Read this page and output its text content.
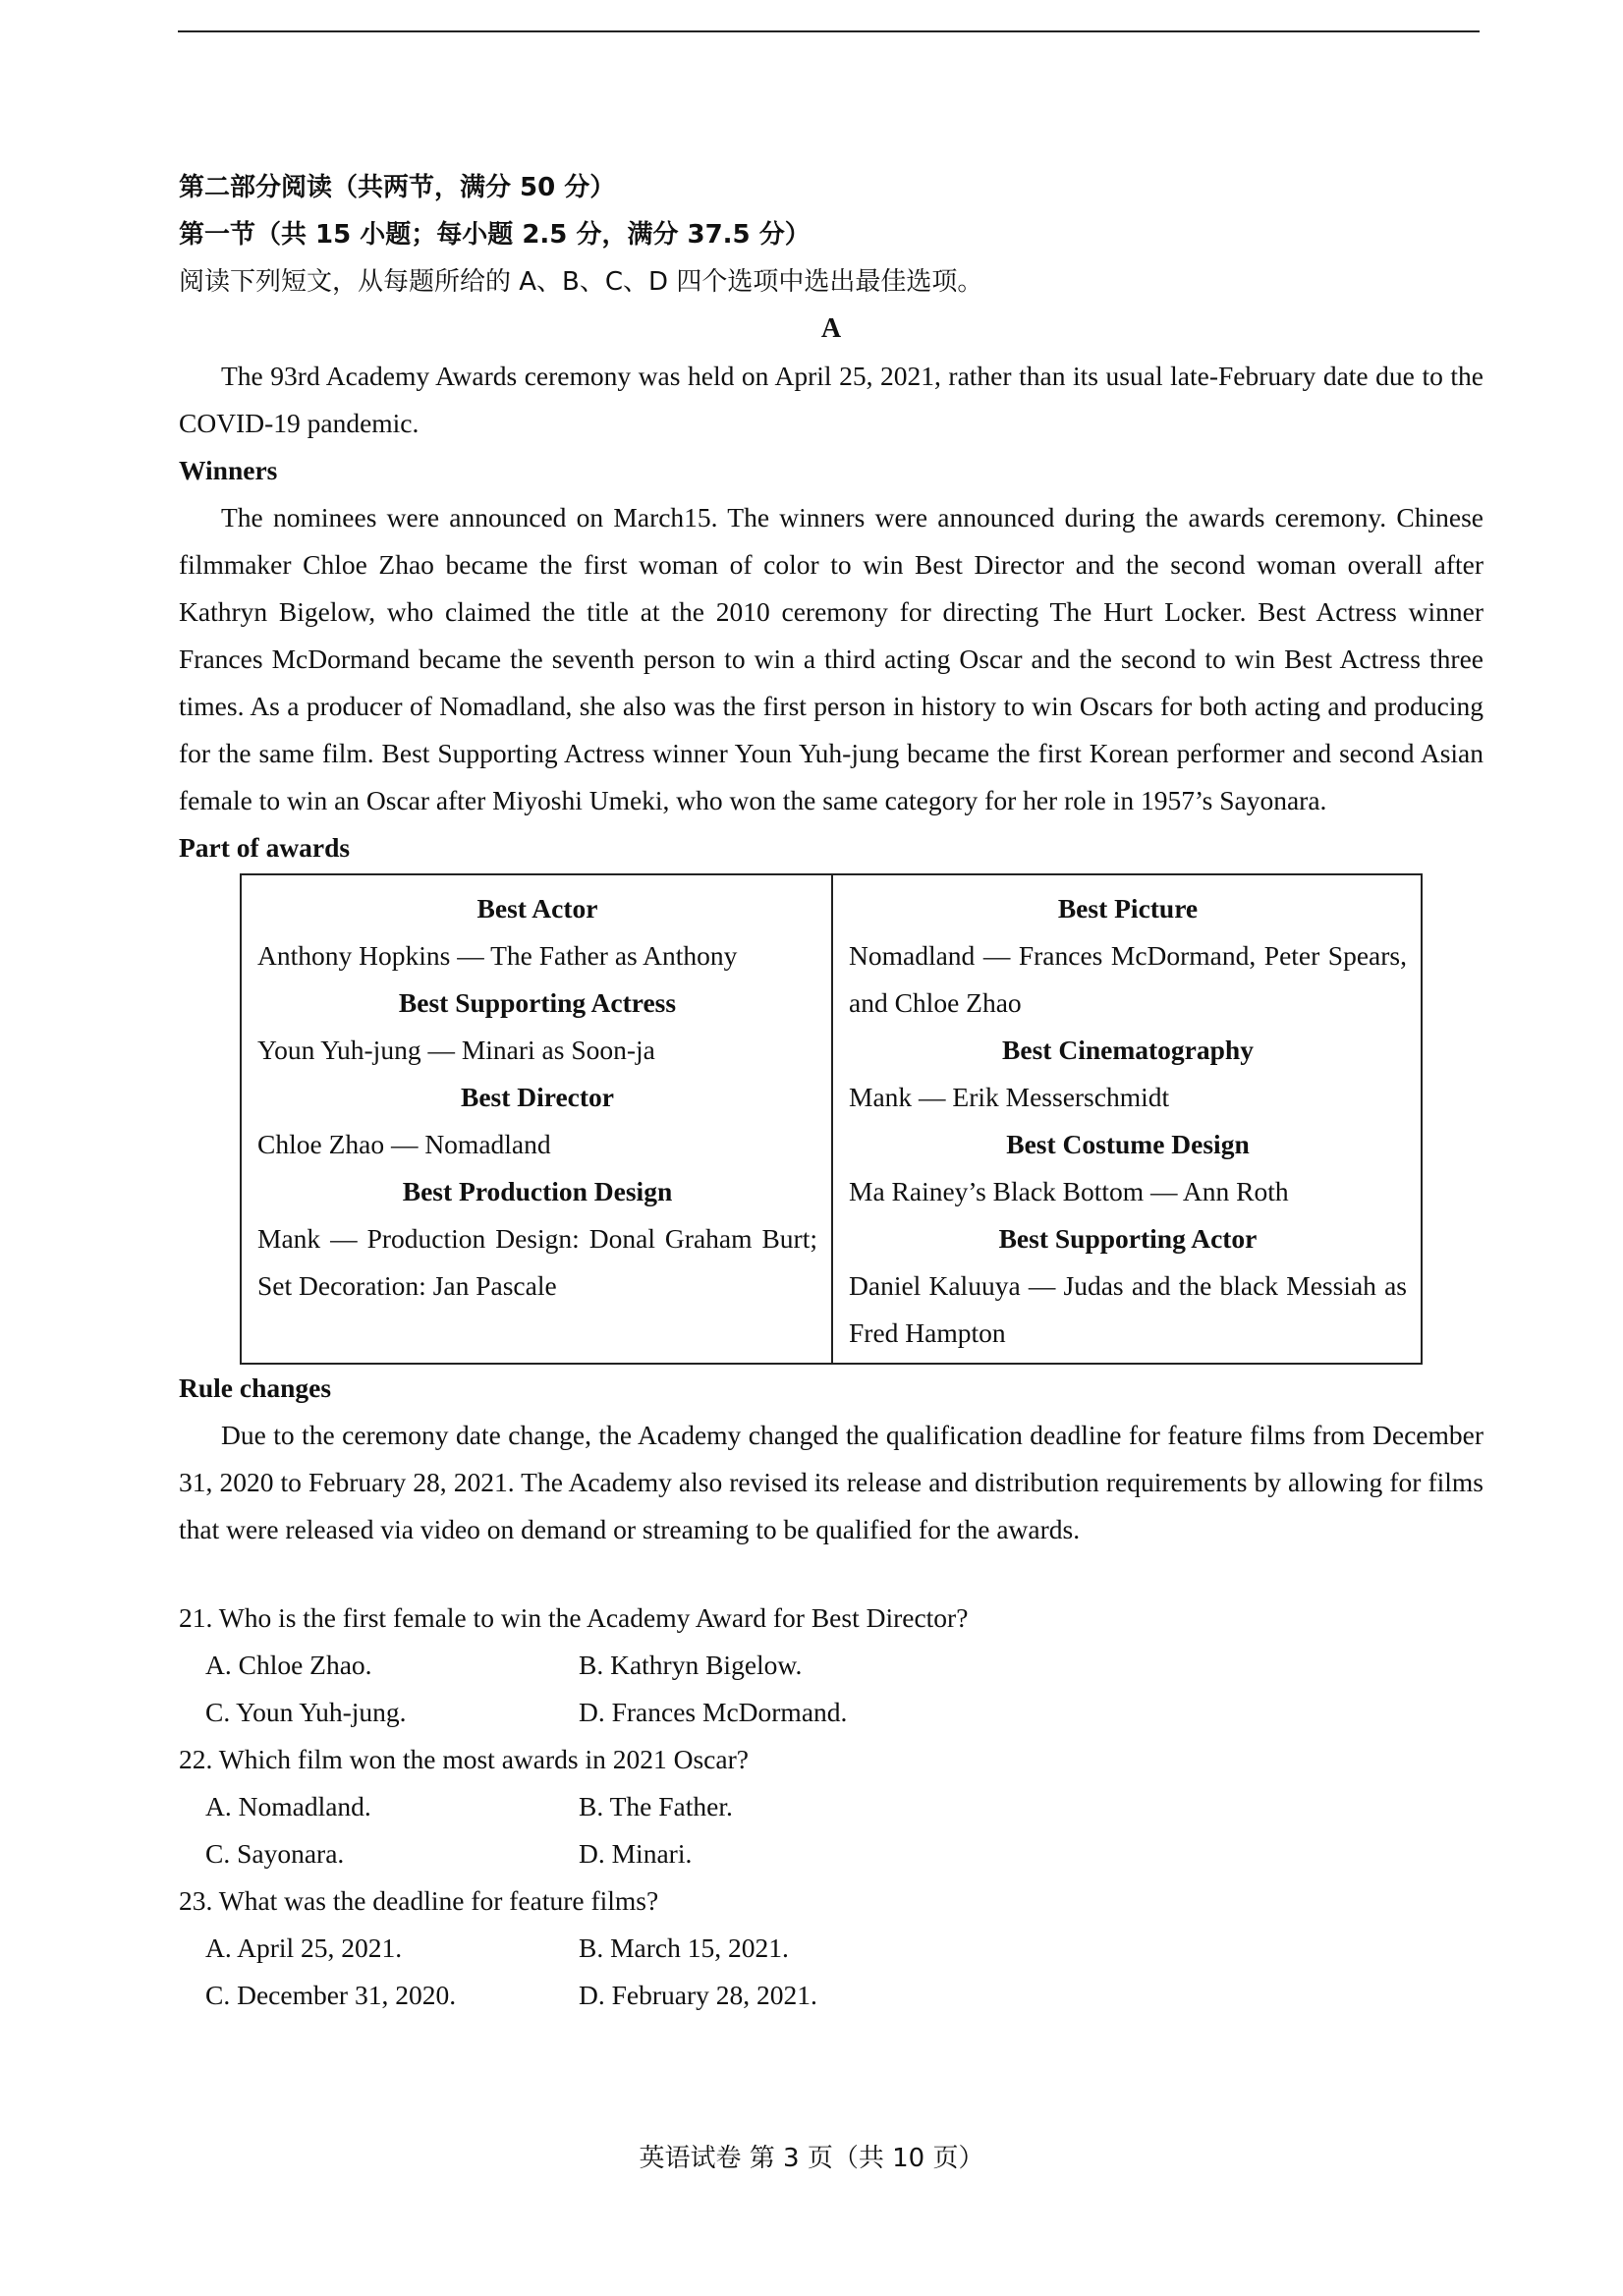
第二部分阅读（共两节，满分 50 分）
第一节（共 15 小题；每小题 2.5 分，满分 37.5 分）
阅读下列短文，从每题所给的 A、B、C、D 四个选项中选出最佳选项。
A

The 93rd Academy Awards ceremony was held on April 25, 2021, rather than its usual late-February date due to the COVID-19 pandemic.

Winners

The nominees were announced on March15. The winners were announced during the awards ceremony. Chinese filmmaker Chloe Zhao became the first woman of color to win Best Director and the second woman overall after Kathryn Bigelow, who claimed the title at the 2010 ceremony for directing The Hurt Locker. Best Actress winner Frances McDormand became the seventh person to win a third acting Oscar and the second to win Best Actress three times. As a producer of Nomadland, she also was the first person in history to win Oscars for both acting and producing for the same film. Best Supporting Actress winner Youn Yuh-jung became the first Korean performer and second Asian female to win an Oscar after Miyoshi Umeki, who won the same category for her role in 1957’s Sayonara.

Part of awards
Best Actor
Anthony Hopkins — The Father as Anthony
Best Supporting Actress
Youn Yuh-jung — Minari as Soon-ja
Best Director
Chloe Zhao — Nomadland
Best Production Design
Mank — Production Design: Donal Graham Burt; Set Decoration: Jan Pascale
Best Picture
Nomadland — Frances McDormand, Peter Spears, and Chloe Zhao
Best Cinematography
Mank — Erik Messerschmidt
Best Costume Design
Ma Rainey’s Black Bottom — Ann Roth
Best Supporting Actor
Daniel Kaluuya — Judas and the black Messiah as Fred Hampton
Rule changes

Due to the ceremony date change, the Academy changed the qualification deadline for feature films from December 31, 2020 to February 28, 2021. The Academy also revised its release and distribution requirements by allowing for films that were released via video on demand or streaming to be qualified for the awards.

21. Who is the first female to win the Academy Award for Best Director?
A. Chloe Zhao.	B. Kathryn Bigelow.
C. Youn Yuh-jung.	D. Frances McDormand.
22. Which film won the most awards in 2021 Oscar?
A. Nomadland.	B. The Father.
C. Sayonara.	D. Minari.
23. What was the deadline for feature films?
A. April 25, 2021.	B. March 15, 2021.
C. December 31, 2020.	D. February 28, 2021.
英语试卷 第 3 页（共 10 页）
